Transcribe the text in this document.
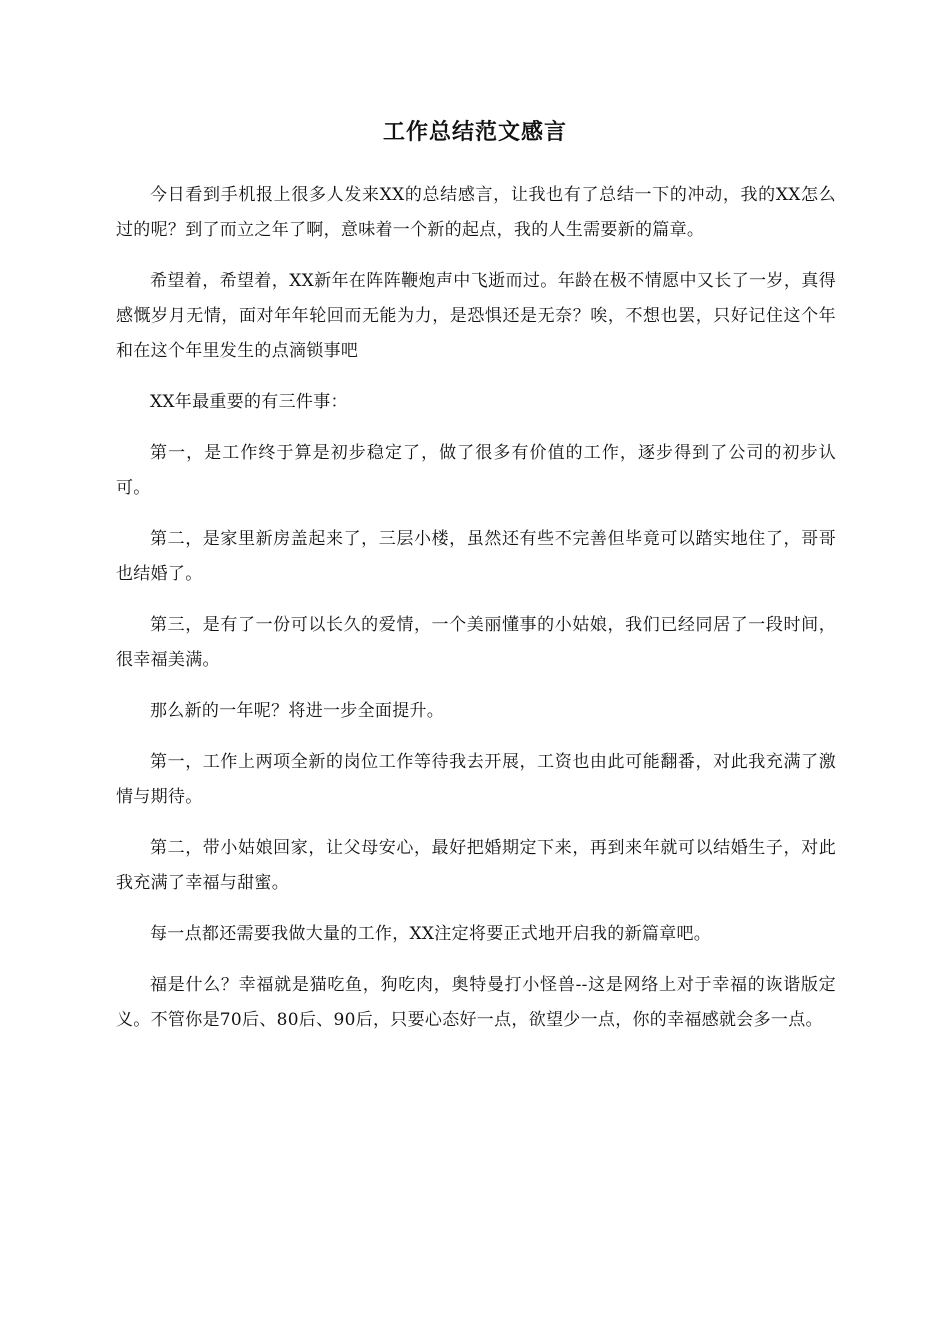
工作总结范文感言

今日看到手机报上很多人发来XX的总结感言，让我也有了总结一下的冲动，我的XX怎么过的呢？到了而立之年了啊，意味着一个新的起点，我的人生需要新的篇章。

希望着，希望着，XX新年在阵阵鞭炮声中飞逝而过。年龄在极不情愿中又长了一岁，真得感慨岁月无情，面对年年轮回而无能为力，是恐惧还是无奈？唉，不想也罢，只好记住这个年和在这个年里发生的点滴锁事吧

XX年最重要的有三件事：

第一，是工作终于算是初步稳定了，做了很多有价值的工作，逐步得到了公司的初步认可。

第二，是家里新房盖起来了，三层小楼，虽然还有些不完善但毕竟可以踏实地住了，哥哥也结婚了。

第三，是有了一份可以长久的爱情，一个美丽懂事的小姑娘，我们已经同居了一段时间，很幸福美满。

那么新的一年呢？将进一步全面提升。

第一，工作上两项全新的岗位工作等待我去开展，工资也由此可能翻番，对此我充满了激情与期待。

第二，带小姑娘回家，让父母安心，最好把婚期定下来，再到来年就可以结婚生子，对此我充满了幸福与甜蜜。

每一点都还需要我做大量的工作，XX注定将要正式地开启我的新篇章吧。

福是什么？幸福就是猫吃鱼，狗吃肉，奥特曼打小怪兽--这是网络上对于幸福的诙谐版定义。不管你是70后、80后、90后，只要心态好一点，欲望少一点，你的幸福感就会多一点。
